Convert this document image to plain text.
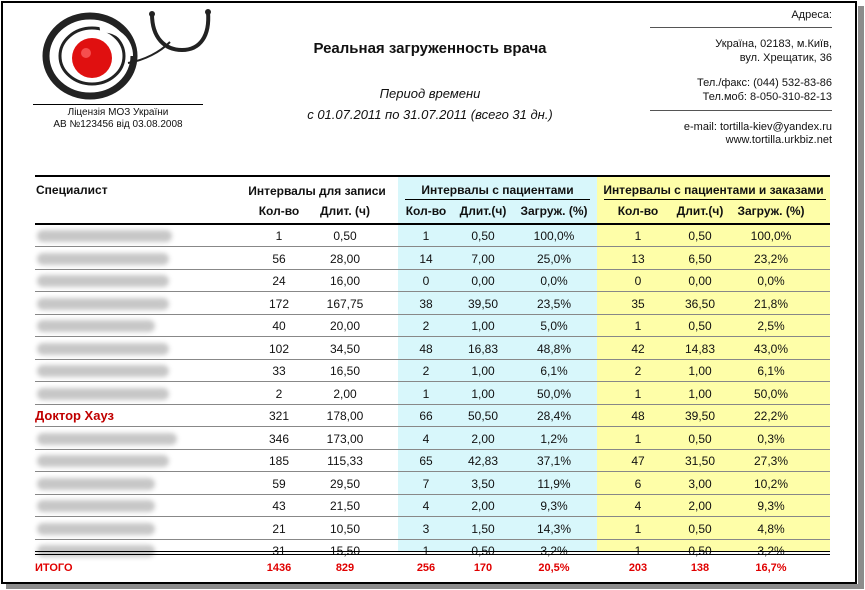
Ліцензія МОЗ України
АВ №123456 від 03.08.2008
Реальная загруженность врача
Период времени
с 01.07.2011 по 31.07.2011 (всего 31 дн.)
Адреса:
Україна, 02183, м.Київ,
вул. Хрещатик, 36
Тел./факс: (044) 532-83-86
Тел.моб: 8-050-310-82-13
e-mail: tortilla-kiev@yandex.ru
www.tortilla.urkbiz.net
Специалист	Интервалы для записи	Интервалы с пациентами	Интервалы с пациентами и заказами
Кол-во	Длит. (ч)	Кол-во	Длит.(ч)	Загруж. (%)	Кол-во	Длит.(ч)	Загруж. (%)
1	0,50	1	0,50	100,0%	1	0,50	100,0%
56	28,00	14	7,00	25,0%	13	6,50	23,2%
24	16,00	0	0,00	0,0%	0	0,00	0,0%
172	167,75	38	39,50	23,5%	35	36,50	21,8%
40	20,00	2	1,00	5,0%	1	0,50	2,5%
102	34,50	48	16,83	48,8%	42	14,83	43,0%
33	16,50	2	1,00	6,1%	2	1,00	6,1%
2	2,00	1	1,00	50,0%	1	1,00	50,0%
Доктор Хауз	321	178,00	66	50,50	28,4%	48	39,50	22,2%
346	173,00	4	2,00	1,2%	1	0,50	0,3%
185	115,33	65	42,83	37,1%	47	31,50	27,3%
59	29,50	7	3,50	11,9%	6	3,00	10,2%
43	21,50	4	2,00	9,3%	4	2,00	9,3%
21	10,50	3	1,50	14,3%	1	0,50	4,8%
31	15,50	1	0,50	3,2%	1	0,50	3,2%
ИТОГО	1436	829	256	170	20,5%	203	138	16,7%
